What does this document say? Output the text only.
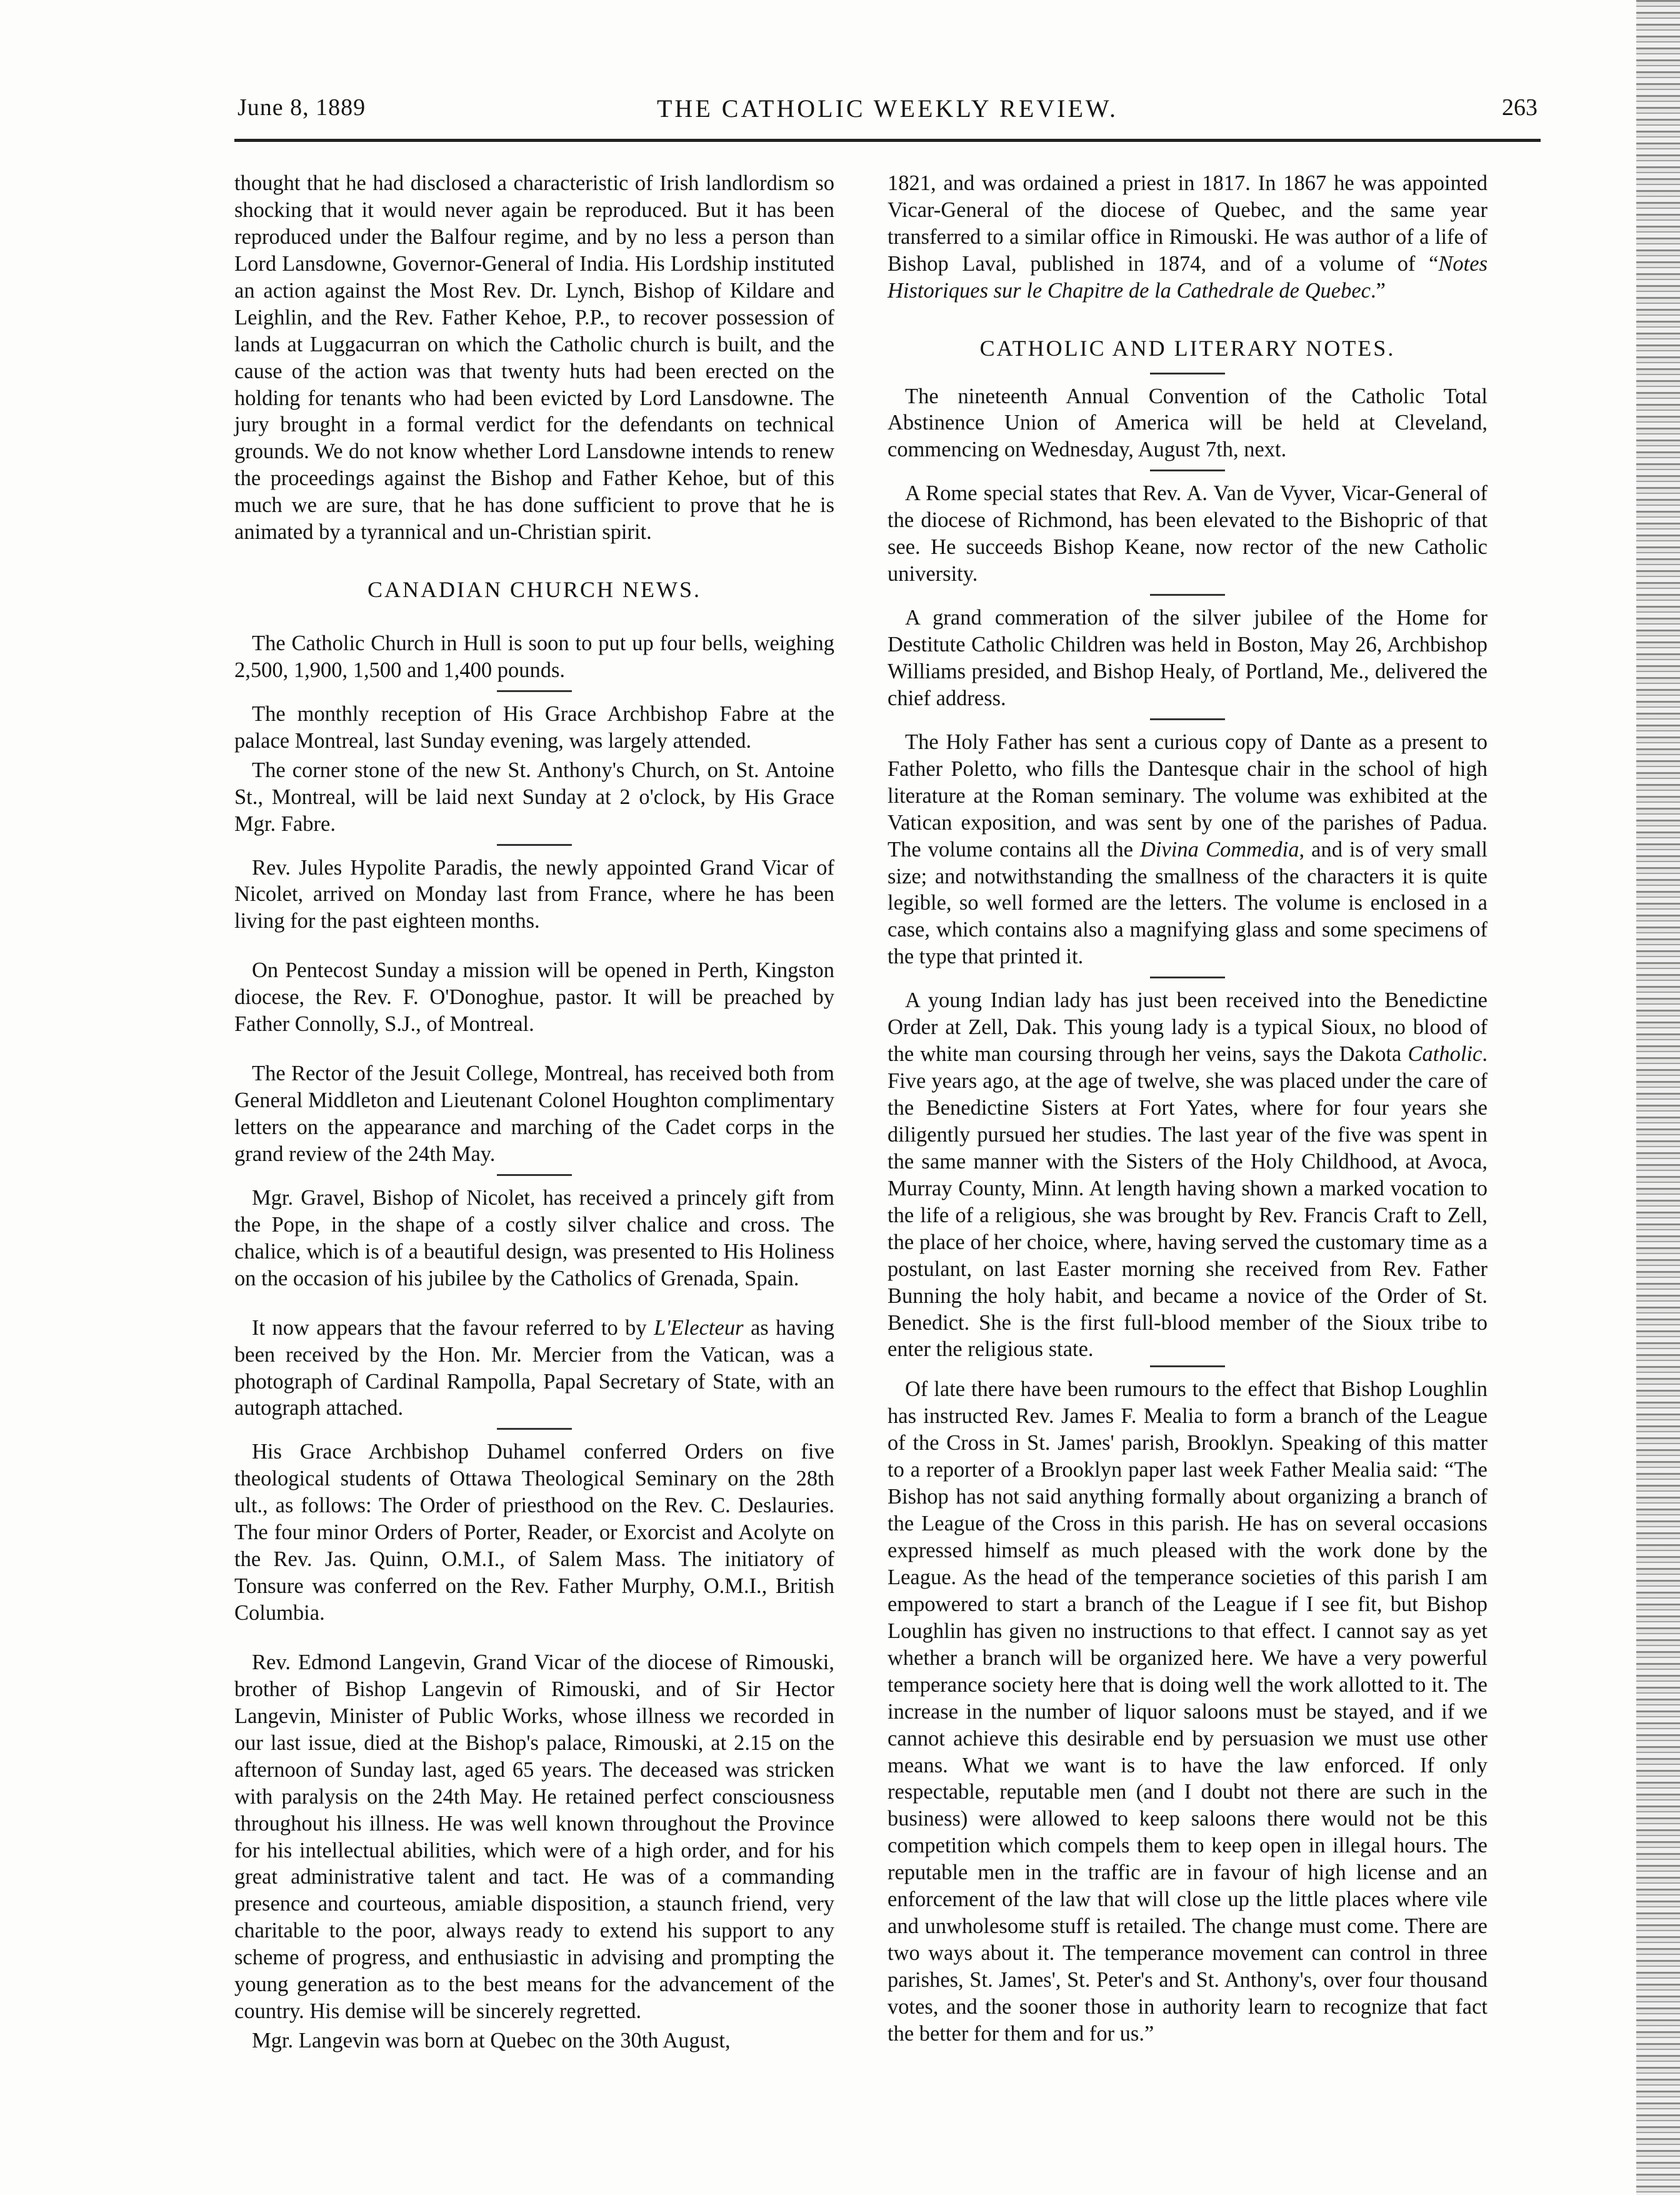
June 8, 1889	THE CATHOLIC WEEKLY REVIEW.	263

thought that he had disclosed a characteristic of Irish landlordism so shocking that it would never again be reproduced. But it has been reproduced under the Balfour regime, and by no less a person than Lord Lansdowne, Governor-General of India. His Lordship instituted an action against the Most Rev. Dr. Lynch, Bishop of Kildare and Leighlin, and the Rev. Father Kehoe, P.P., to recover possession of lands at Luggacurran on which the Catholic church is built, and the cause of the action was that twenty huts had been erected on the holding for tenants who had been evicted by Lord Lansdowne. The jury brought in a formal verdict for the defendants on technical grounds. We do not know whether Lord Lansdowne intends to renew the proceedings against the Bishop and Father Kehoe, but of this much we are sure, that he has done sufficient to prove that he is animated by a tyrannical and un-Christian spirit.

CANADIAN CHURCH NEWS.

The Catholic Church in Hull is soon to put up four bells, weighing 2,500, 1,900, 1,500 and 1,400 pounds.

The monthly reception of His Grace Archbishop Fabre at the palace Montreal, last Sunday evening, was largely attended.

The corner stone of the new St. Anthony's Church, on St. Antoine St., Montreal, will be laid next Sunday at 2 o'clock, by His Grace Mgr. Fabre.

Rev. Jules Hypolite Paradis, the newly appointed Grand Vicar of Nicolet, arrived on Monday last from France, where he has been living for the past eighteen months.

On Pentecost Sunday a mission will be opened in Perth, Kingston diocese, the Rev. F. O'Donoghue, pastor. It will be preached by Father Connolly, S.J., of Montreal.

The Rector of the Jesuit College, Montreal, has received both from General Middleton and Lieutenant Colonel Houghton complimentary letters on the appearance and marching of the Cadet corps in the grand review of the 24th May.

Mgr. Gravel, Bishop of Nicolet, has received a princely gift from the Pope, in the shape of a costly silver chalice and cross. The chalice, which is of a beautiful design, was presented to His Holiness on the occasion of his jubilee by the Catholics of Grenada, Spain.

It now appears that the favour referred to by L'Electeur as having been received by the Hon. Mr. Mercier from the Vatican, was a photograph of Cardinal Rampolla, Papal Secretary of State, with an autograph attached.

His Grace Archbishop Duhamel conferred Orders on five theological students of Ottawa Theological Seminary on the 28th ult., as follows: The Order of priesthood on the Rev. C. Deslauries. The four minor Orders of Porter, Reader, or Exorcist and Acolyte on the Rev. Jas. Quinn, O.M.I., of Salem Mass. The initiatory of Tonsure was conferred on the Rev. Father Murphy, O.M.I., British Columbia.

Rev. Edmond Langevin, Grand Vicar of the diocese of Rimouski, brother of Bishop Langevin of Rimouski, and of Sir Hector Langevin, Minister of Public Works, whose illness we recorded in our last issue, died at the Bishop's palace, Rimouski, at 2.15 on the afternoon of Sunday last, aged 65 years. The deceased was stricken with paralysis on the 24th May. He retained perfect consciousness throughout his illness. He was well known throughout the Province for his intellectual abilities, which were of a high order, and for his great administrative talent and tact. He was of a commanding presence and courteous, amiable disposition, a staunch friend, very charitable to the poor, always ready to extend his support to any scheme of progress, and enthusiastic in advising and prompting the young generation as to the best means for the advancement of the country. His demise will be sincerely regretted.

Mgr. Langevin was born at Quebec on the 30th August,

1821, and was ordained a priest in 1817. In 1867 he was appointed Vicar-General of the diocese of Quebec, and the same year transferred to a similar office in Rimouski. He was author of a life of Bishop Laval, published in 1874, and of a volume of “Notes Historiques sur le Chapitre de la Cathedrale de Quebec.”

CATHOLIC AND LITERARY NOTES.

The nineteenth Annual Convention of the Catholic Total Abstinence Union of America will be held at Cleveland, commencing on Wednesday, August 7th, next.

A Rome special states that Rev. A. Van de Vyver, Vicar-General of the diocese of Richmond, has been elevated to the Bishopric of that see. He succeeds Bishop Keane, now rector of the new Catholic university.

A grand commeration of the silver jubilee of the Home for Destitute Catholic Children was held in Boston, May 26, Archbishop Williams presided, and Bishop Healy, of Portland, Me., delivered the chief address.

The Holy Father has sent a curious copy of Dante as a present to Father Poletto, who fills the Dantesque chair in the school of high literature at the Roman seminary. The volume was exhibited at the Vatican exposition, and was sent by one of the parishes of Padua. The volume contains all the Divina Commedia, and is of very small size; and notwithstanding the smallness of the characters it is quite legible, so well formed are the letters. The volume is enclosed in a case, which contains also a magnifying glass and some specimens of the type that printed it.

A young Indian lady has just been received into the Benedictine Order at Zell, Dak. This young lady is a typical Sioux, no blood of the white man coursing through her veins, says the Dakota Catholic. Five years ago, at the age of twelve, she was placed under the care of the Benedictine Sisters at Fort Yates, where for four years she diligently pursued her studies. The last year of the five was spent in the same manner with the Sisters of the Holy Childhood, at Avoca, Murray County, Minn. At length having shown a marked vocation to the life of a religious, she was brought by Rev. Francis Craft to Zell, the place of her choice, where, having served the customary time as a postulant, on last Easter morning she received from Rev. Father Bunning the holy habit, and became a novice of the Order of St. Benedict. She is the first full-blood member of the Sioux tribe to enter the religious state.

Of late there have been rumours to the effect that Bishop Loughlin has instructed Rev. James F. Mealia to form a branch of the League of the Cross in St. James' parish, Brooklyn. Speaking of this matter to a reporter of a Brooklyn paper last week Father Mealia said: “The Bishop has not said anything formally about organizing a branch of the League of the Cross in this parish. He has on several occasions expressed himself as much pleased with the work done by the League. As the head of the temperance societies of this parish I am empowered to start a branch of the League if I see fit, but Bishop Loughlin has given no instructions to that effect. I cannot say as yet whether a branch will be organized here. We have a very powerful temperance society here that is doing well the work allotted to it. The increase in the number of liquor saloons must be stayed, and if we cannot achieve this desirable end by persuasion we must use other means. What we want is to have the law enforced. If only respectable, reputable men (and I doubt not there are such in the business) were allowed to keep saloons there would not be this competition which compels them to keep open in illegal hours. The reputable men in the traffic are in favour of high license and an enforcement of the law that will close up the little places where vile and unwholesome stuff is retailed. The change must come. There are two ways about it. The temperance movement can control in three parishes, St. James', St. Peter's and St. Anthony's, over four thousand votes, and the sooner those in authority learn to recognize that fact the better for them and for us.”
